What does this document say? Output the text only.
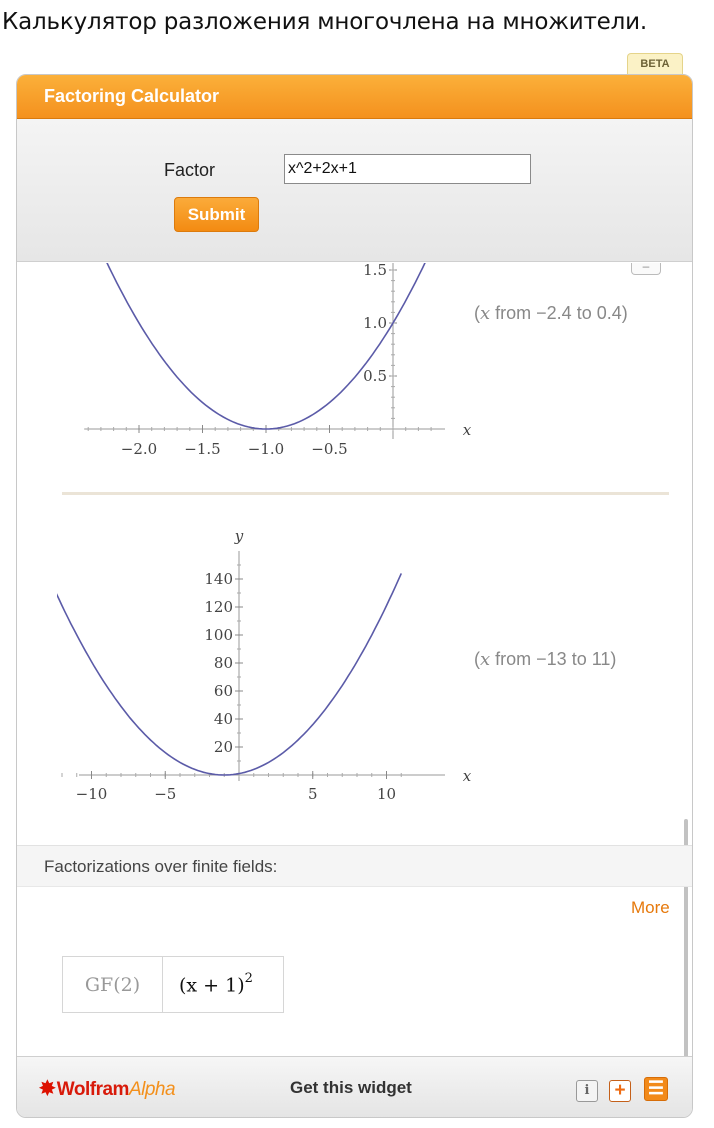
Калькулятор разложения многочлена на множители.
BETA
Factoring Calculator
Factor
x^2+2x+1
Submit
–
−2.0 −1.5 −1.0 −0.5
0.5
1.0
1.5
x
(x from −2.4 to 0.4)
−10	−5	5	10
20
40
60
80
100
120
140
x
y
(x from −13 to 11)
Factorizations over finite fields:
More
GF(2)	$(x + 1)^2$
✸WolframAlpha	Get this widget	i	+	☰
